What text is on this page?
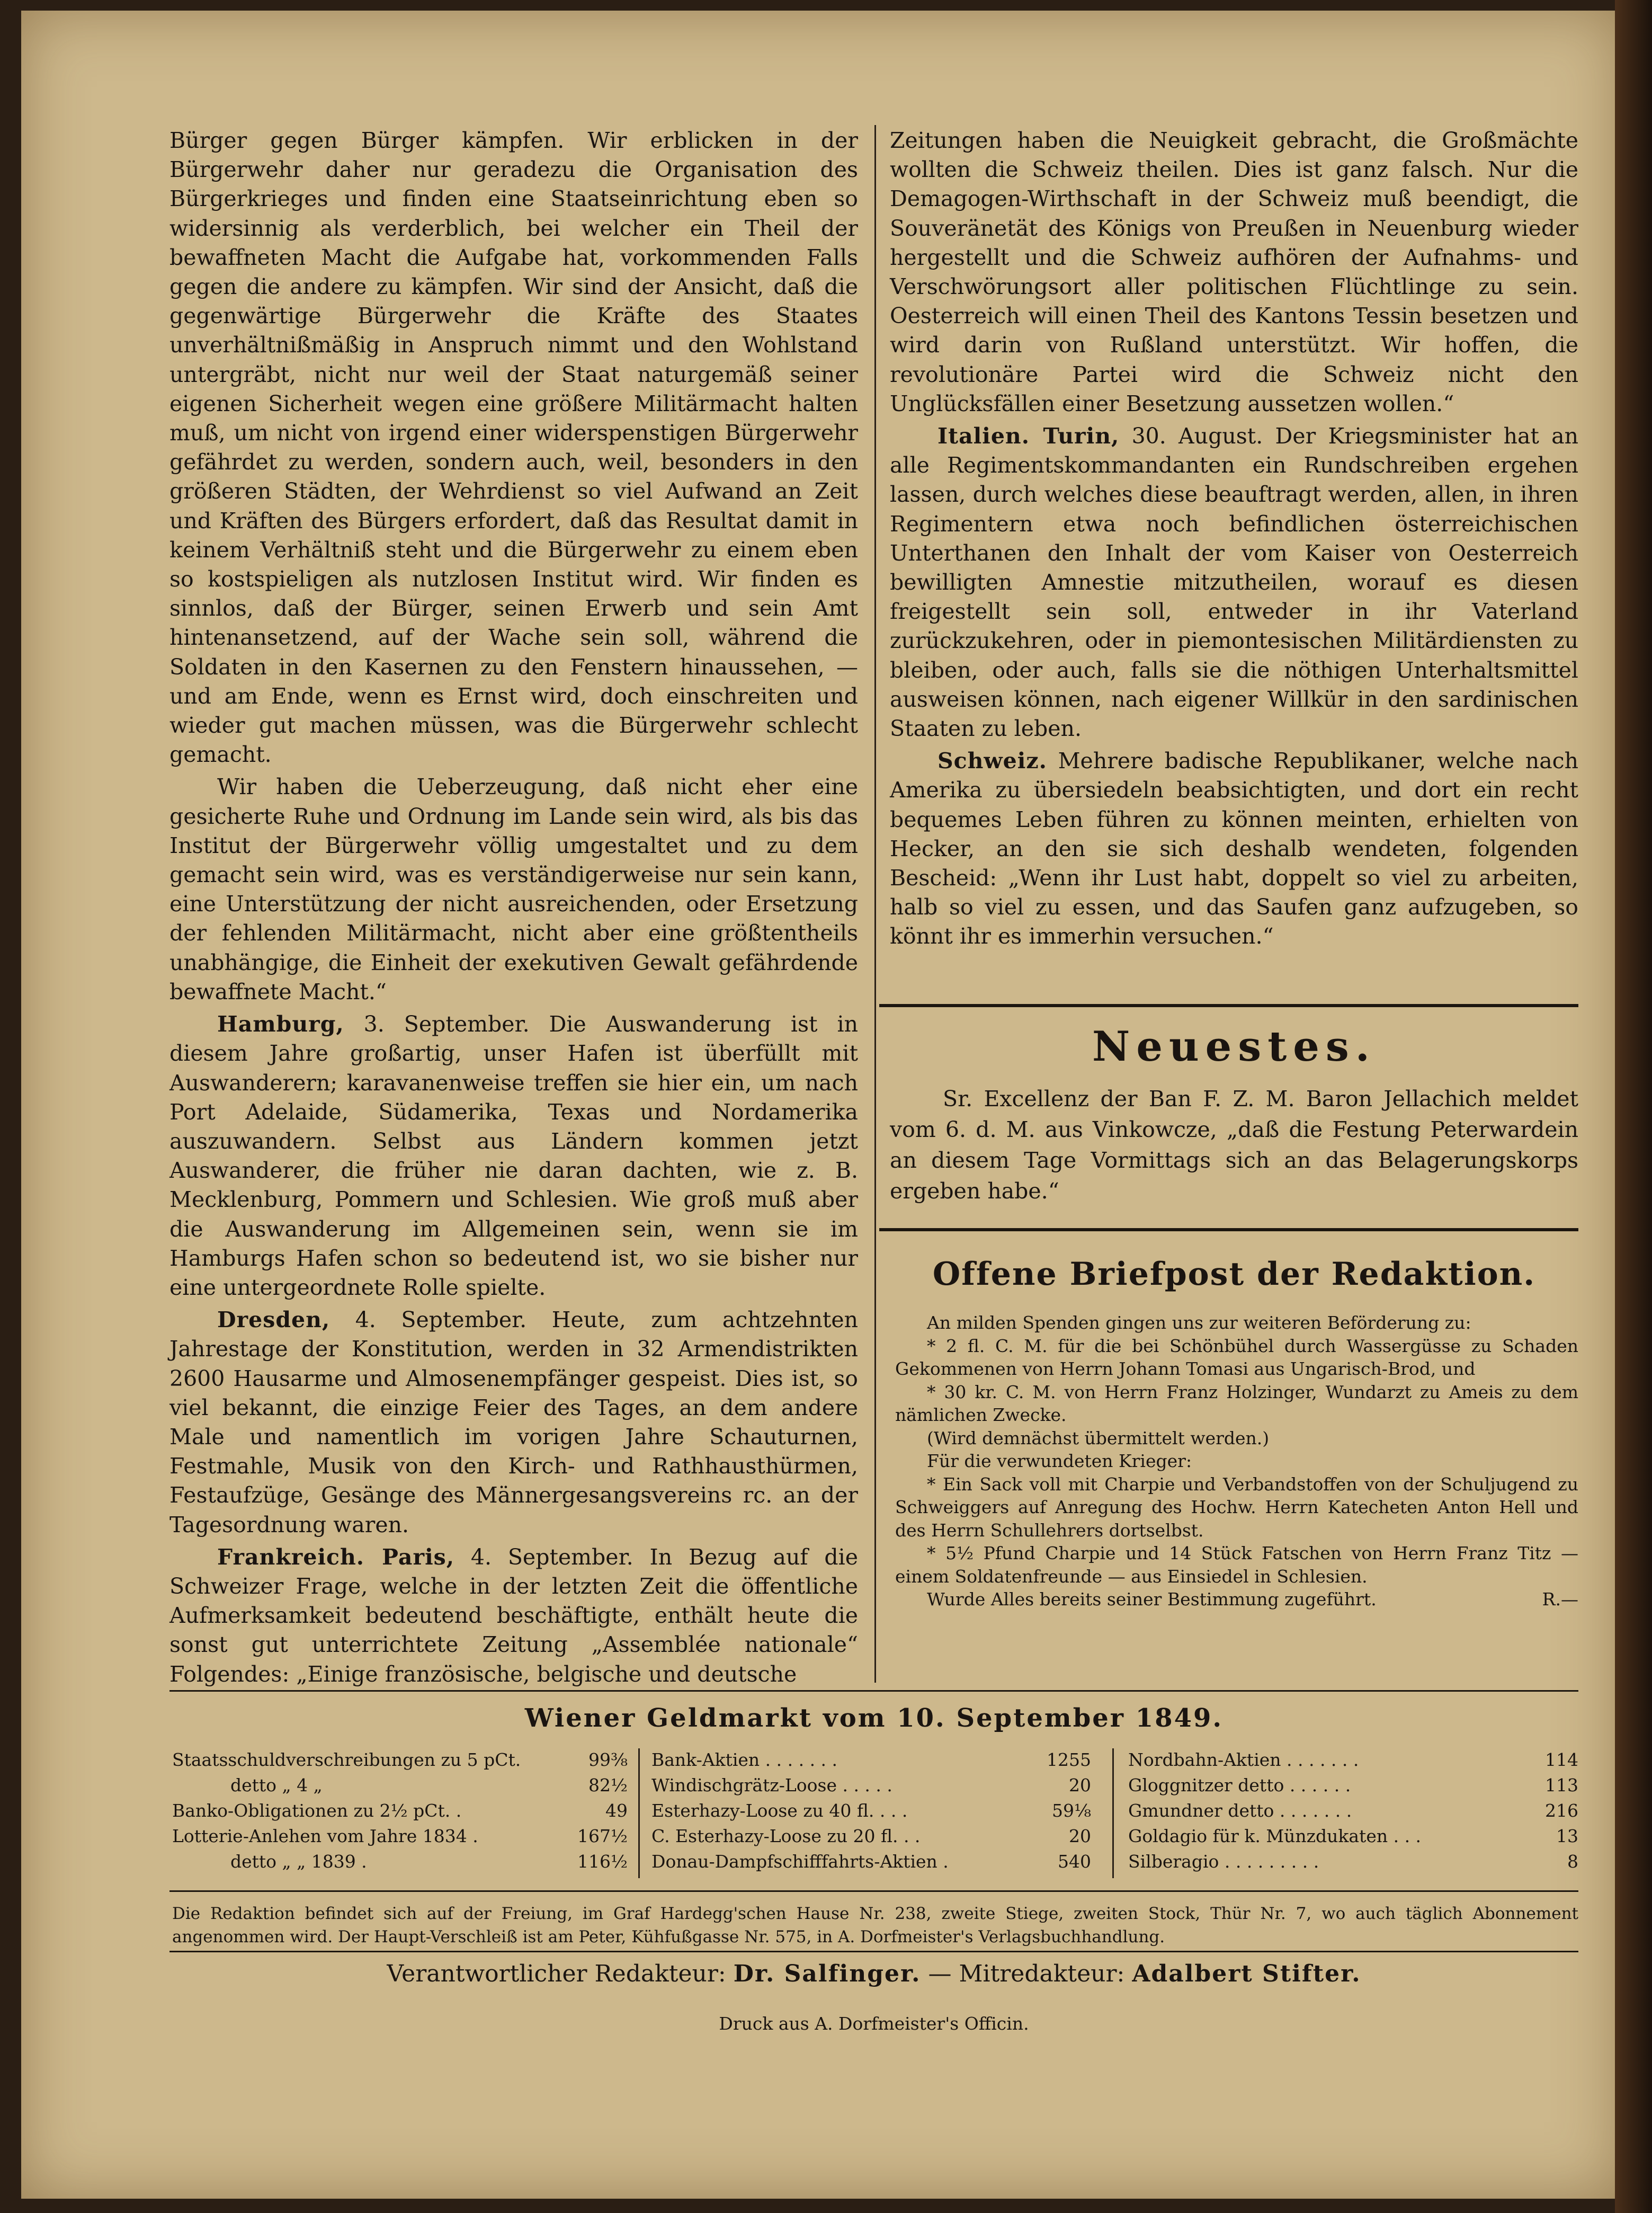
Bürger gegen Bürger kämpfen. Wir erblicken in der Bürgerwehr daher nur geradezu die Organisation des Bürgerkrieges und finden eine Staatseinrichtung eben so widersinnig als verderblich, bei welcher ein Theil der bewaffneten Macht die Aufgabe hat, vorkommenden Falls gegen die andere zu kämpfen. Wir sind der Ansicht, daß die gegenwärtige Bürgerwehr die Kräfte des Staates unverhältnißmäßig in Anspruch nimmt und den Wohlstand untergräbt, nicht nur weil der Staat naturgemäß seiner eigenen Sicherheit wegen eine größere Militärmacht halten muß, um nicht von irgend einer widerspenstigen Bürgerwehr gefährdet zu werden, sondern auch, weil, besonders in den größeren Städten, der Wehrdienst so viel Aufwand an Zeit und Kräften des Bürgers erfordert, daß das Resultat damit in keinem Verhältniß steht und die Bürgerwehr zu einem eben so kostspieligen als nutzlosen Institut wird. Wir finden es sinnlos, daß der Bürger, seinen Erwerb und sein Amt hintenansetzend, auf der Wache sein soll, während die Soldaten in den Kasernen zu den Fenstern hinaussehen, — und am Ende, wenn es Ernst wird, doch einschreiten und wieder gut machen müssen, was die Bürgerwehr schlecht gemacht.

Wir haben die Ueberzeugung, daß nicht eher eine gesicherte Ruhe und Ordnung im Lande sein wird, als bis das Institut der Bürgerwehr völlig umgestaltet und zu dem gemacht sein wird, was es verständigerweise nur sein kann, eine Unterstützung der nicht ausreichenden, oder Ersetzung der fehlenden Militärmacht, nicht aber eine größtentheils unabhängige, die Einheit der exekutiven Gewalt gefährdende bewaffnete Macht.“

Hamburg, 3. September. Die Auswanderung ist in diesem Jahre großartig, unser Hafen ist überfüllt mit Auswanderern; karavanenweise treffen sie hier ein, um nach Port Adelaide, Südamerika, Texas und Nordamerika auszuwandern. Selbst aus Ländern kommen jetzt Auswanderer, die früher nie daran dachten, wie z. B. Mecklenburg, Pommern und Schlesien. Wie groß muß aber die Auswanderung im Allgemeinen sein, wenn sie im Hamburgs Hafen schon so bedeutend ist, wo sie bisher nur eine untergeordnete Rolle spielte.

Dresden, 4. September. Heute, zum achtzehnten Jahrestage der Konstitution, werden in 32 Armendistrikten 2600 Hausarme und Almosenempfänger gespeist. Dies ist, so viel bekannt, die einzige Feier des Tages, an dem andere Male und namentlich im vorigen Jahre Schauturnen, Festmahle, Musik von den Kirch- und Rathhausthürmen, Festaufzüge, Gesänge des Männergesangsvereins rc. an der Tagesordnung waren.

Frankreich. Paris, 4. September. In Bezug auf die Schweizer Frage, welche in der letzten Zeit die öffentliche Aufmerksamkeit bedeutend beschäftigte, enthält heute die sonst gut unterrichtete Zeitung „Assemblée nationale“ Folgendes: „Einige französische, belgische und deutsche

Zeitungen haben die Neuigkeit gebracht, die Großmächte wollten die Schweiz theilen. Dies ist ganz falsch. Nur die Demagogen-Wirthschaft in der Schweiz muß beendigt, die Souveränetät des Königs von Preußen in Neuenburg wieder hergestellt und die Schweiz aufhören der Aufnahms- und Verschwörungsort aller politischen Flüchtlinge zu sein. Oesterreich will einen Theil des Kantons Tessin besetzen und wird darin von Rußland unterstützt. Wir hoffen, die revolutionäre Partei wird die Schweiz nicht den Unglücksfällen einer Besetzung aussetzen wollen.“

Italien. Turin, 30. August. Der Kriegsminister hat an alle Regimentskommandanten ein Rundschreiben ergehen lassen, durch welches diese beauftragt werden, allen, in ihren Regimentern etwa noch befindlichen österreichischen Unterthanen den Inhalt der vom Kaiser von Oesterreich bewilligten Amnestie mitzutheilen, worauf es diesen freigestellt sein soll, entweder in ihr Vaterland zurückzukehren, oder in piemontesischen Militärdiensten zu bleiben, oder auch, falls sie die nöthigen Unterhaltsmittel ausweisen können, nach eigener Willkür in den sardinischen Staaten zu leben.

Schweiz. Mehrere badische Republikaner, welche nach Amerika zu übersiedeln beabsichtigten, und dort ein recht bequemes Leben führen zu können meinten, erhielten von Hecker, an den sie sich deshalb wendeten, folgenden Bescheid: „Wenn ihr Lust habt, doppelt so viel zu arbeiten, halb so viel zu essen, und das Saufen ganz aufzugeben, so könnt ihr es immerhin versuchen.“

Neuestes.

Sr. Excellenz der Ban F. Z. M. Baron Jellachich meldet vom 6. d. M. aus Vinkowcze, „daß die Festung Peterwardein an diesem Tage Vormittags sich an das Belagerungskorps ergeben habe.“

Offene Briefpost der Redaktion.

An milden Spenden gingen uns zur weiteren Beförderung zu:

* 2 fl. C. M. für die bei Schönbühel durch Wassergüsse zu Schaden Gekommenen von Herrn Johann Tomasi aus Ungarisch-Brod, und

* 30 kr. C. M. von Herrn Franz Holzinger, Wundarzt zu Ameis zu dem nämlichen Zwecke.

(Wird demnächst übermittelt werden.)

Für die verwundeten Krieger:

* Ein Sack voll mit Charpie und Verbandstoffen von der Schuljugend zu Schweiggers auf Anregung des Hochw. Herrn Katecheten Anton Hell und des Herrn Schullehrers dortselbst.

* 5½ Pfund Charpie und 14 Stück Fatschen von Herrn Franz Titz — einem Soldatenfreunde — aus Einsiedel in Schlesien.

Wurde Alles bereits seiner Bestimmung zugeführt.	R.—

Wiener Geldmarkt vom 10. September 1849.
Staatsschuldverschreibungen zu 5 pCt.	99⅜
detto „ 4 „	82½
Banko-Obligationen zu 2½ pCt. .	49
Lotterie-Anlehen vom Jahre 1834 .	167½
detto „ „ 1839 .	116½
Bank-Aktien . . . . . . .	1255
Windischgrätz-Loose . . . . .	20
Esterhazy-Loose zu 40 fl. . . .	59⅛
C. Esterhazy-Loose zu 20 fl. . .	20
Donau-Dampfschifffahrts-Aktien .	540
Nordbahn-Aktien . . . . . . .	114
Gloggnitzer detto . . . . . .	113
Gmundner detto . . . . . . .	216
Goldagio für k. Münzdukaten . . .	13
Silberagio . . . . . . . . .	8
Die Redaktion befindet sich auf der Freiung, im Graf Hardegg'schen Hause Nr. 238, zweite Stiege, zweiten Stock, Thür Nr. 7, wo auch täglich Abonnement angenommen wird. Der Haupt-Verschleiß ist am Peter, Kühfußgasse Nr. 575, in A. Dorfmeister's Verlagsbuchhandlung.
Verantwortlicher Redakteur: Dr. Salfinger. — Mitredakteur: Adalbert Stifter.
Druck aus A. Dorfmeister's Officin.
